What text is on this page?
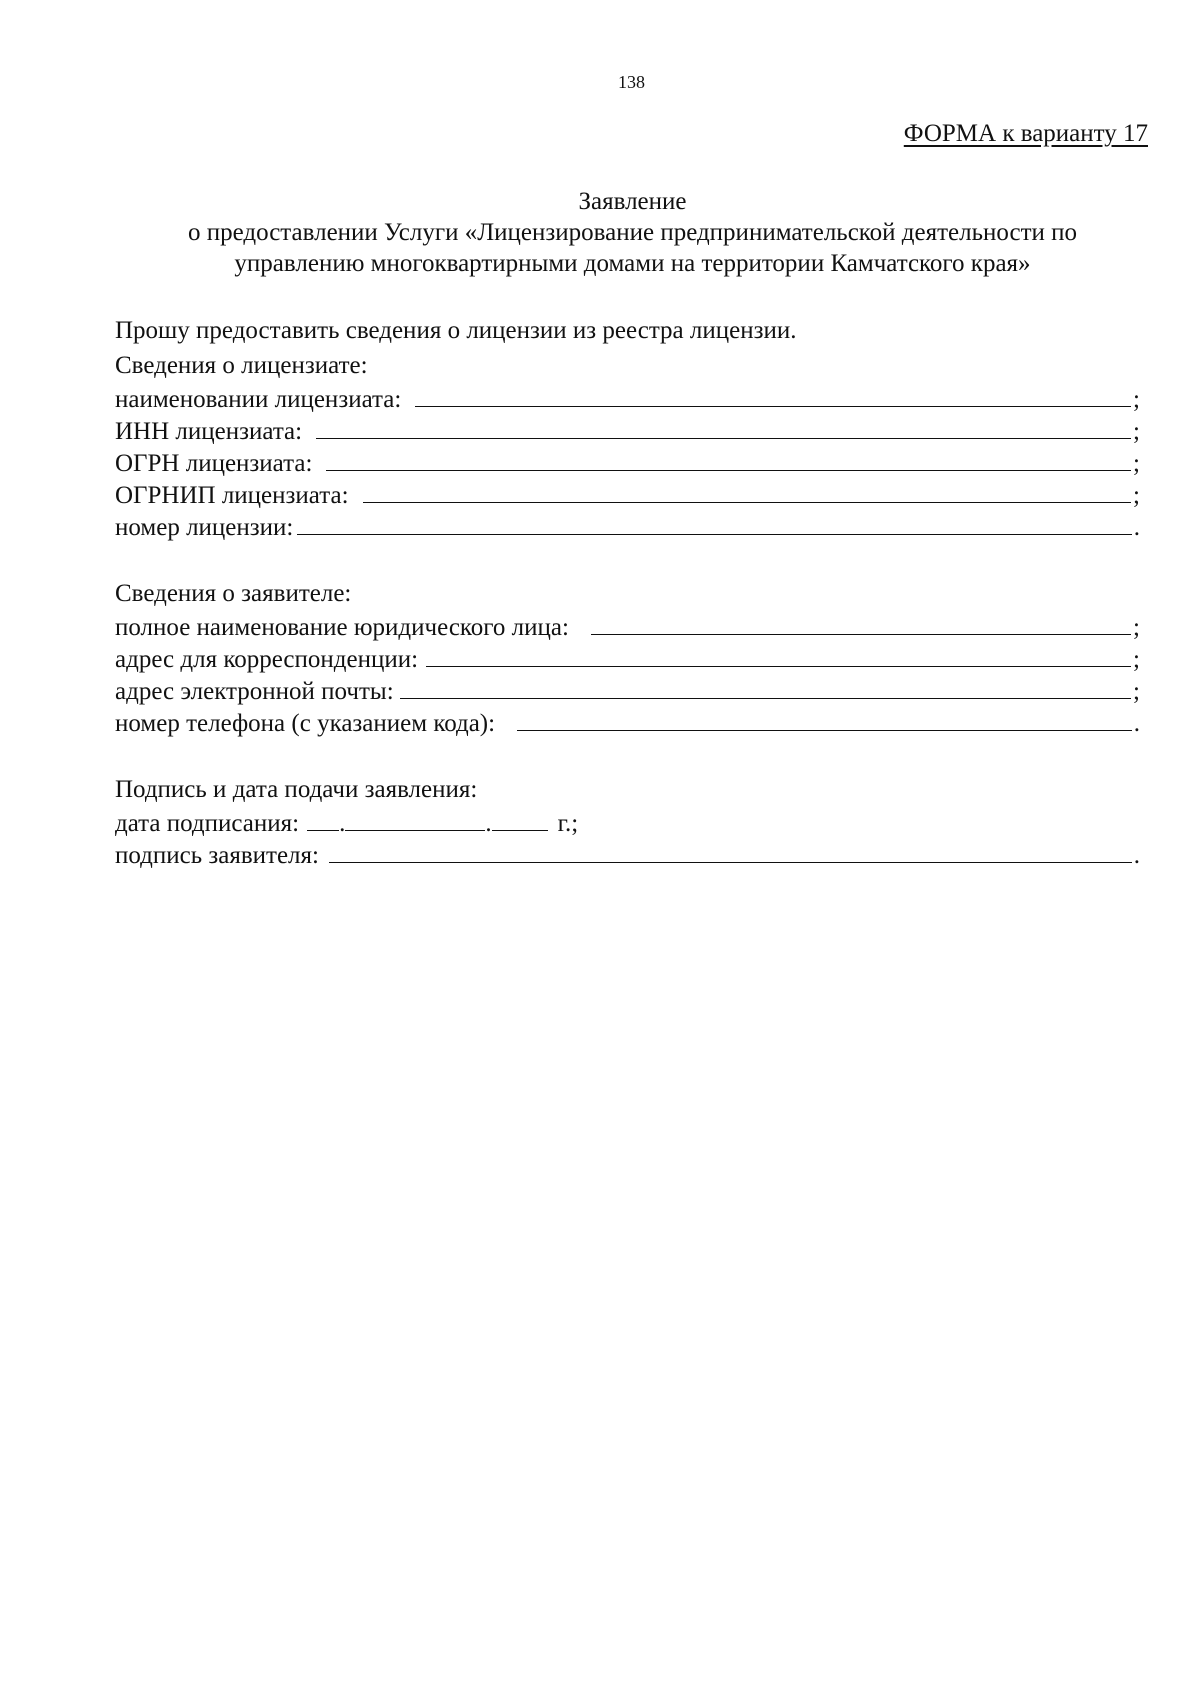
138
ФОРМА к варианту 17
Заявление
о предоставлении Услуги «Лицензирование предпринимательской деятельности по
управлению многоквартирными домами на территории Камчатского края»
Прошу предоставить сведения о лицензии из реестра лицензии.
Сведения о лицензиате:
наименовании лицензиата:	;
ИНН лицензиата:	;
ОГРН лицензиата:	;
ОГРНИП лицензиата:	;
номер лицензии:	.
Сведения о заявителе:
полное наименование юридического лица:	;
адрес для корреспонденции:	;
адрес электронной почты:	;
номер телефона (с указанием кода):	.
Подпись и дата подачи заявления:
дата подписания: .	.	г.;
подпись заявителя:	.
